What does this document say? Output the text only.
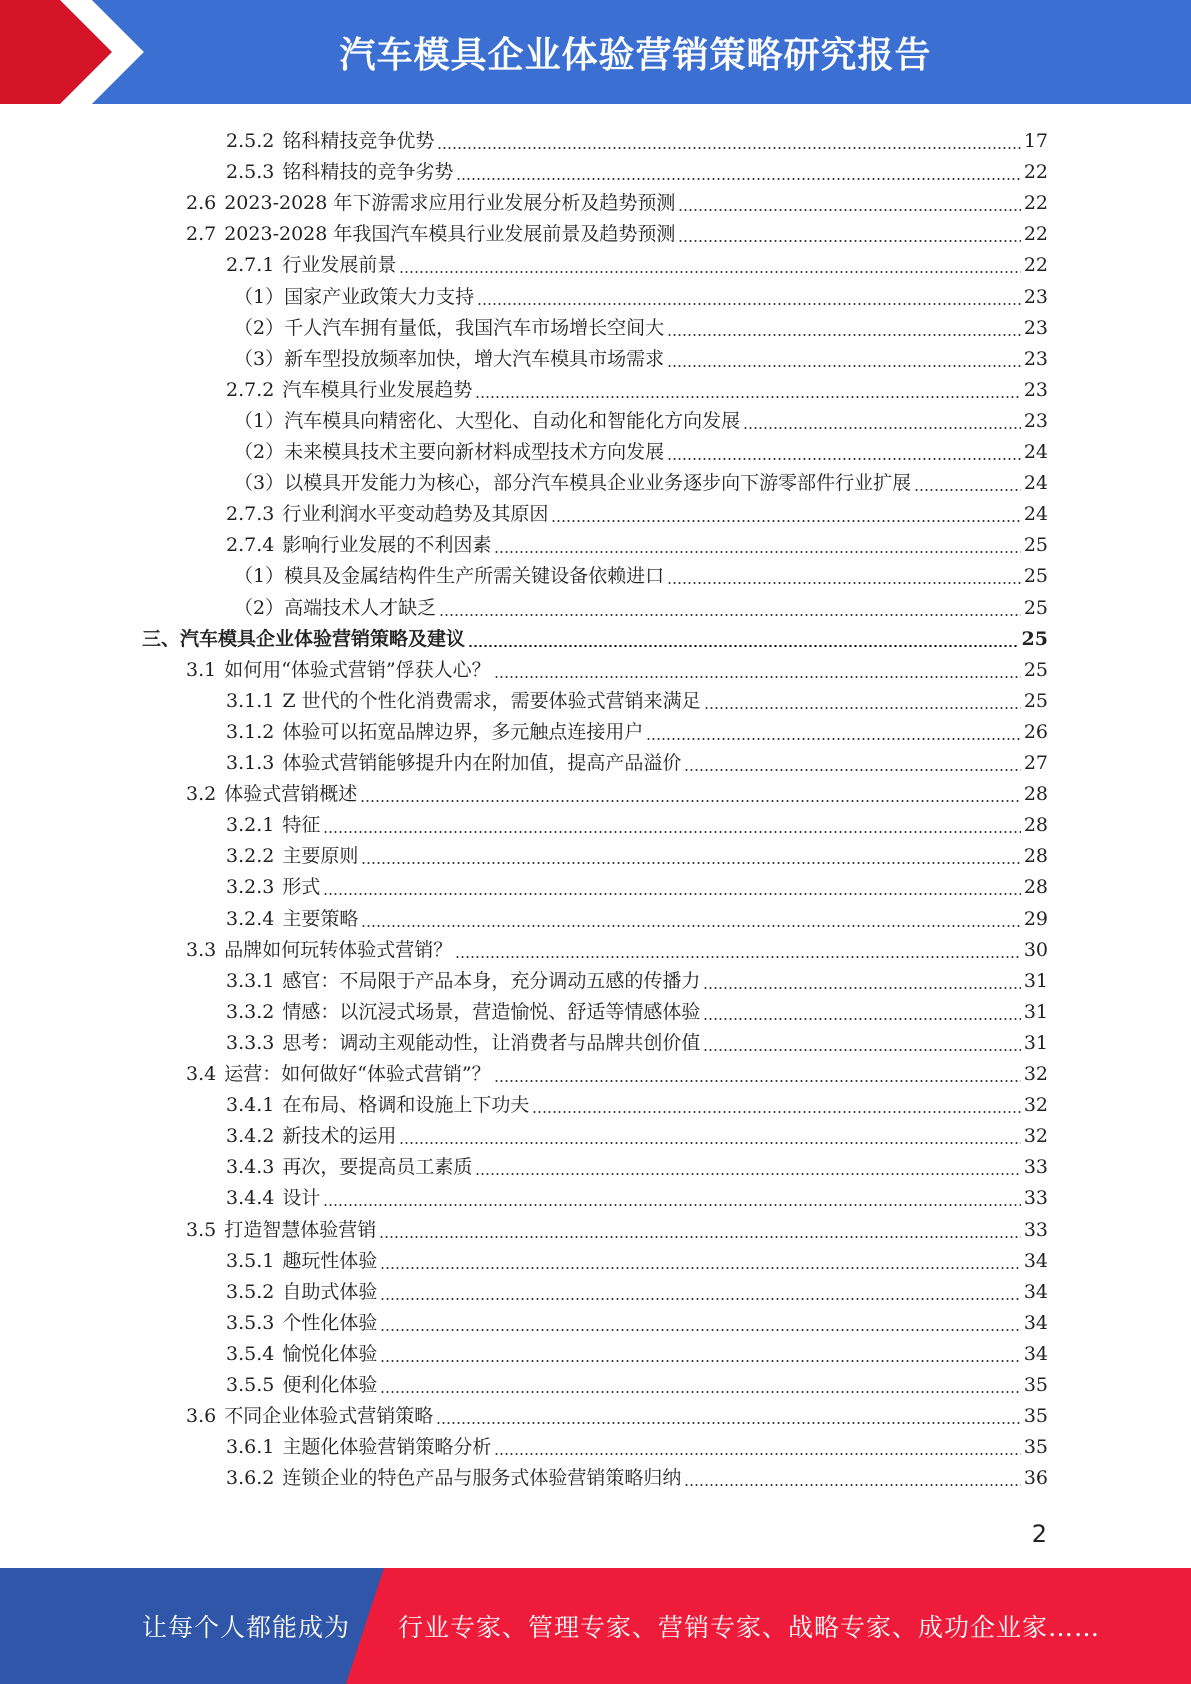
汽车模具企业体验营销策略研究报告
2.5.2 铭科精技竞争优势	17
2.5.3 铭科精技的竞争劣势	22
2.6 2023-2028 年下游需求应用行业发展分析及趋势预测	22
2.7 2023-2028 年我国汽车模具行业发展前景及趋势预测	22
2.7.1 行业发展前景	22
（1） 国家产业政策大力支持	23
（2） 千人汽车拥有量低，我国汽车市场增长空间大	23
（3） 新车型投放频率加快，增大汽车模具市场需求	23
2.7.2 汽车模具行业发展趋势	23
（1） 汽车模具向精密化、大型化、自动化和智能化方向发展	23
（2） 未来模具技术主要向新材料成型技术方向发展	24
（3） 以模具开发能力为核心，部分汽车模具企业业务逐步向下游零部件行业扩展	24
2.7.3 行业利润水平变动趋势及其原因	24
2.7.4 影响行业发展的不利因素	25
（1） 模具及金属结构件生产所需关键设备依赖进口	25
（2） 高端技术人才缺乏	25
三、 汽车模具企业体验营销策略及建议	25
3.1 如何用“体验式营销”俘获人心？	25
3.1.1 Z 世代的个性化消费需求，需要体验式营销来满足	25
3.1.2 体验可以拓宽品牌边界，多元触点连接用户	26
3.1.3 体验式营销能够提升内在附加值，提高产品溢价	27
3.2 体验式营销概述	28
3.2.1 特征	28
3.2.2 主要原则	28
3.2.3 形式	28
3.2.4 主要策略	29
3.3 品牌如何玩转体验式营销？	30
3.3.1 感官：不局限于产品本身，充分调动五感的传播力	31
3.3.2 情感：以沉浸式场景，营造愉悦、舒适等情感体验	31
3.3.3 思考：调动主观能动性，让消费者与品牌共创价值	31
3.4 运营：如何做好“体验式营销”？	32
3.4.1 在布局、格调和设施上下功夫	32
3.4.2 新技术的运用	32
3.4.3 再次，要提高员工素质	33
3.4.4 设计	33
3.5 打造智慧体验营销	33
3.5.1 趣玩性体验	34
3.5.2 自助式体验	34
3.5.3 个性化体验	34
3.5.4 愉悦化体验	34
3.5.5 便利化体验	35
3.6 不同企业体验式营销策略	35
3.6.1 主题化体验营销策略分析	35
3.6.2 连锁企业的特色产品与服务式体验营销策略归纳	36
2
让每个人都能成为 行业专家、管理专家、营销专家、战略专家、成功企业家……
